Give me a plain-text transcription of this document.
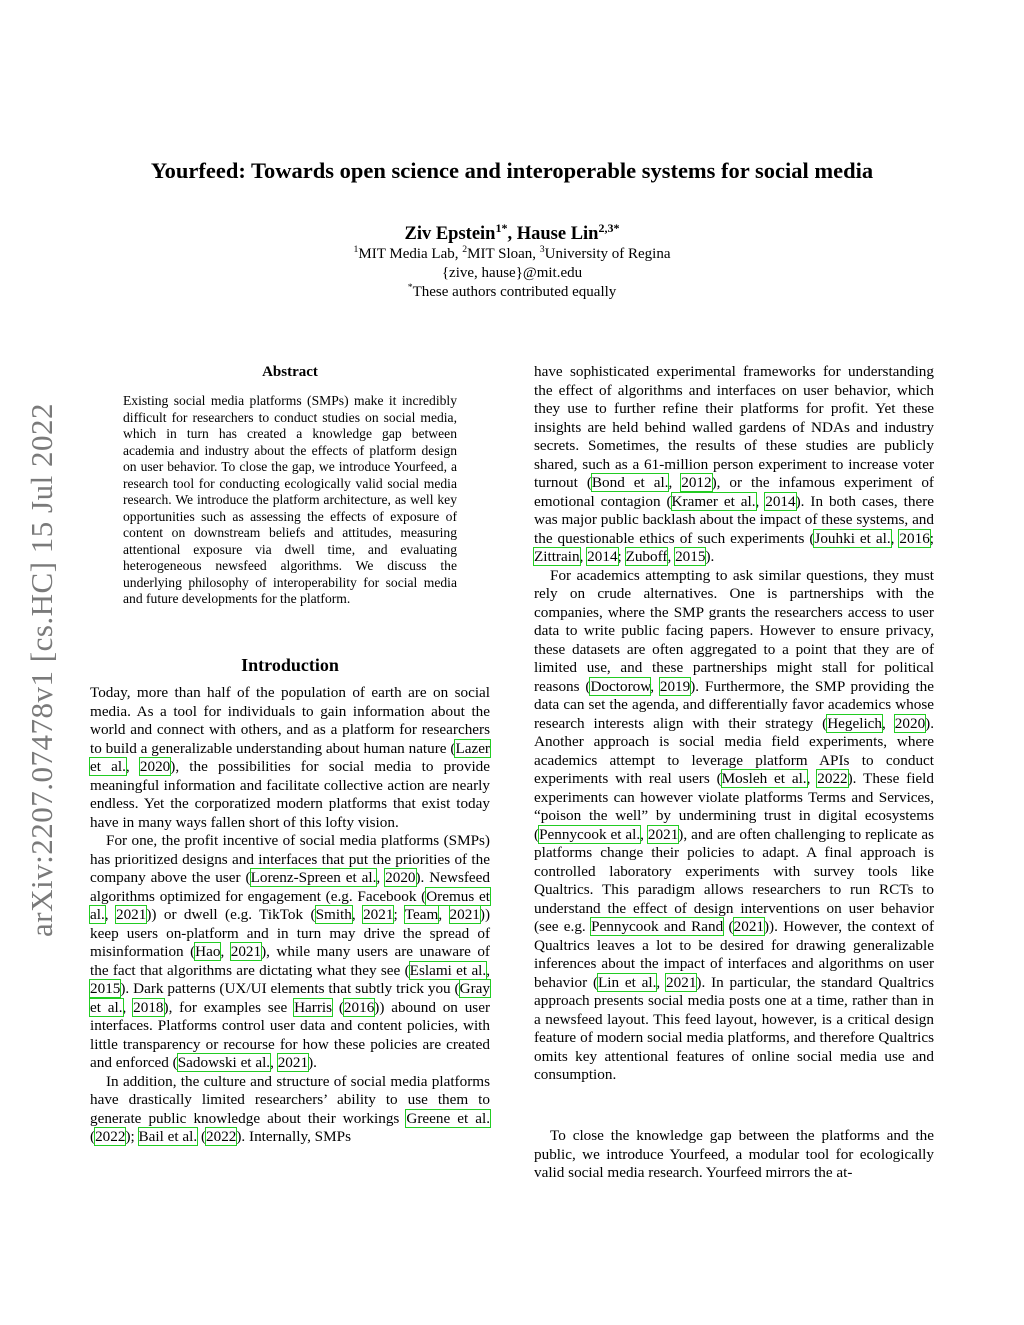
arXiv:2207.07478v1 [cs.HC] 15 Jul 2022
Yourfeed: Towards open science and interoperable systems for social media
Ziv Epstein$^{1*}$, Hause Lin$^{2,3*}$
$^1$MIT Media Lab, $^2$MIT Sloan, $^3$University of Regina
{zive, hause}@mit.edu
*These authors contributed equally
Abstract
Existing social media platforms (SMPs) make it incredibly difficult for researchers to conduct studies on social media, which in turn has created a knowledge gap between academia and industry about the effects of platform design on user behavior. To close the gap, we introduce Yourfeed, a research tool for conducting ecologically valid social media research. We introduce the platform architecture, as well key opportunities such as assessing the effects of exposure of content on downstream beliefs and attitudes, measuring attentional exposure via dwell time, and evaluating heterogeneous newsfeed algorithms. We discuss the underlying philosophy of interoperability for social media and future developments for the platform.
Introduction

Today, more than half of the population of earth are on social media. As a tool for individuals to gain information about the world and connect with others, and as a platform for researchers to build a generalizable understanding about human nature (Lazer et al., 2020), the possibilities for social media to provide meaningful information and facilitate collective action are nearly endless. Yet the corporatized modern platforms that exist today have in many ways fallen short of this lofty vision.

For one, the profit incentive of social media platforms (SMPs) has prioritized designs and interfaces that put the priorities of the company above the user (Lorenz-Spreen et al., 2020). Newsfeed algorithms optimized for engagement (e.g. Facebook (Oremus et al., 2021)) or dwell (e.g. TikTok (Smith, 2021; Team, 2021)) keep users on-platform and in turn may drive the spread of misinformation (Hao, 2021), while many users are unaware of the fact that algorithms are dictating what they see (Eslami et al., 2015). Dark patterns (UX/UI elements that subtly trick you (Gray et al., 2018), for examples see Harris (2016)) abound on user interfaces. Platforms control user data and content policies, with little transparency or recourse for how these policies are created and enforced (Sadowski et al., 2021).

In addition, the culture and structure of social media platforms have drastically limited researchers’ ability to use them to generate public knowledge about their workings Greene et al. (2022); Bail et al. (2022). Internally, SMPs

have sophisticated experimental frameworks for understanding the effect of algorithms and interfaces on user behavior, which they use to further refine their platforms for profit. Yet these insights are held behind walled gardens of NDAs and industry secrets. Sometimes, the results of these studies are publicly shared, such as a 61-million person experiment to increase voter turnout (Bond et al., 2012), or the infamous experiment of emotional contagion (Kramer et al., 2014). In both cases, there was major public backlash about the impact of these systems, and the questionable ethics of such experiments (Jouhki et al., 2016; Zittrain, 2014; Zuboff, 2015).

For academics attempting to ask similar questions, they must rely on crude alternatives. One is partnerships with the companies, where the SMP grants the researchers access to user data to write public facing papers. However to ensure privacy, these datasets are often aggregated to a point that they are of limited use, and these partnerships might stall for political reasons (Doctorow, 2019). Furthermore, the SMP providing the data can set the agenda, and differentially favor academics whose research interests align with their strategy (Hegelich, 2020). Another approach is social media field experiments, where academics attempt to leverage platform APIs to conduct experiments with real users (Mosleh et al., 2022). These field experiments can however violate platforms Terms and Services, “poison the well” by undermining trust in digital ecosystems (Pennycook et al., 2021), and are often challenging to replicate as platforms change their policies to adapt. A final approach is controlled laboratory experiments with survey tools like Qualtrics. This paradigm allows researchers to run RCTs to understand the effect of design interventions on user behavior (see e.g. Pennycook and Rand (2021)). However, the context of Qualtrics leaves a lot to be desired for drawing generalizable inferences about the impact of interfaces and algorithms on user behavior (Lin et al., 2021). In particular, the standard Qualtrics approach presents social media posts one at a time, rather than in a newsfeed layout. This feed layout, however, is a critical design feature of modern social media platforms, and therefore Qualtrics omits key attentional features of online social media use and consumption.

To close the knowledge gap between the platforms and the public, we introduce Yourfeed, a modular tool for ecologically valid social media research. Yourfeed mirrors the at-
